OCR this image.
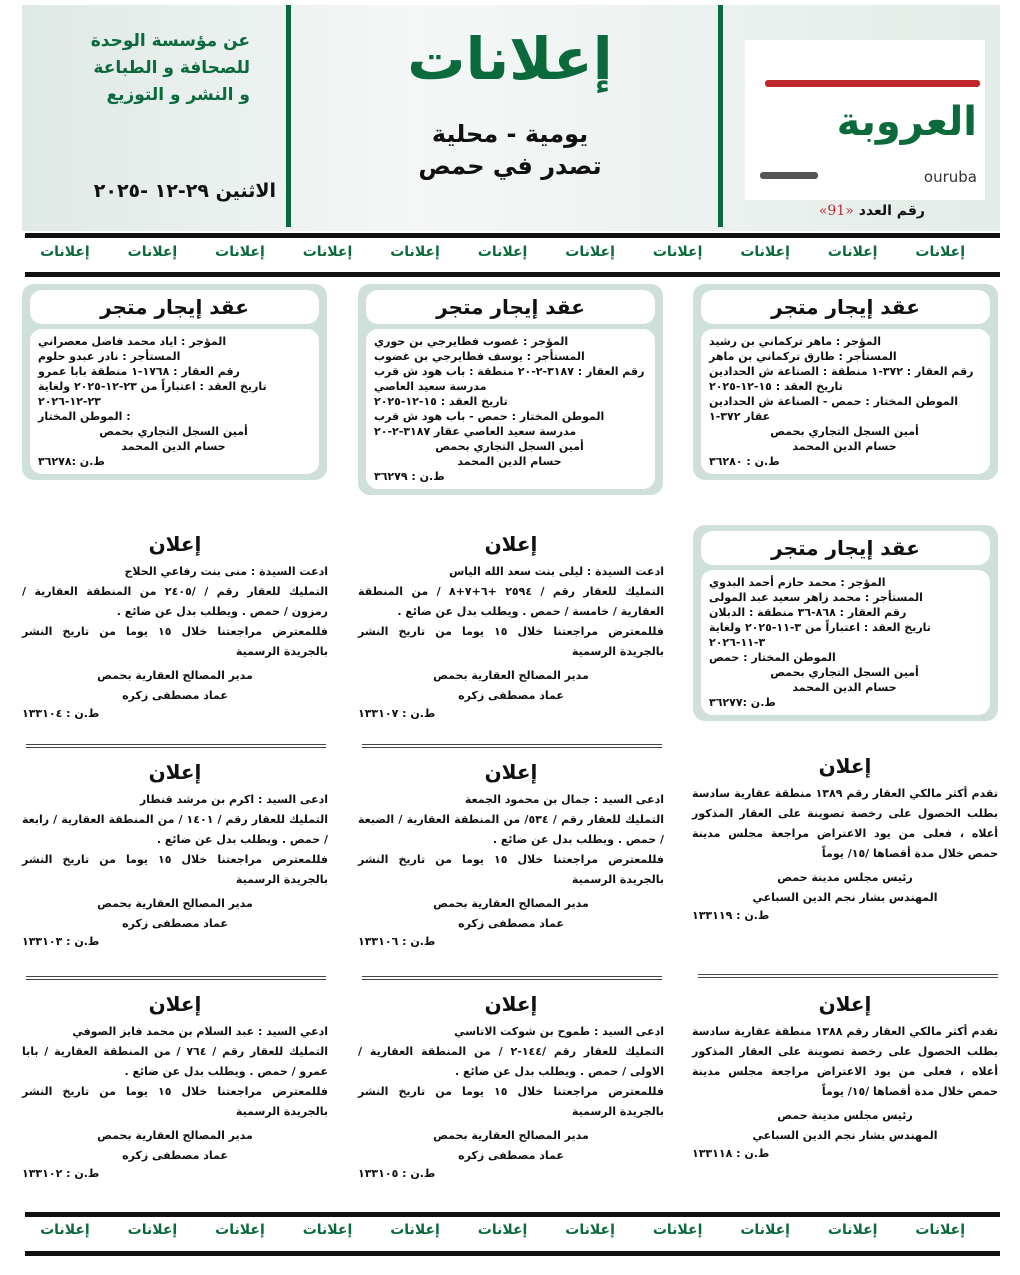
العروبة
ouruba
رقم العدد «91»
إعلانات
يومية - محلية
تصدر في حمص
عن مؤسسة الوحدة
للصحافة و الطباعة
و النشر و التوزيع
الاثنين ٢٩-١٢ -٢٠٢٥
إعلانات
إعلانات
إعلانات
إعلانات
إعلانات
إعلانات
إعلانات
إعلانات
إعلانات
إعلانات
إعلانات
عقد إيجار متجر
المؤجر : ماهر تركماني بن رشيد
المستأجر : طارق تركماني بن ماهر
رقم العقار : ٣٧٢-١ منطقة : الصناعة ش الحدادين
تاريخ العقد : ١٥-١٢-٢٠٢٥
الموطن المختار : حمص - الصناعة ش الحدادين عقار ٣٧٢-١
أمين السجل التجاري بحمص
حسام الدين المحمد
ط.ن : ٣٦٢٨٠
عقد إيجار متجر
المؤجر : غصوب فطايرجي بن حوري
المستأجر : يوسف فطايرجي بن غضوب
رقم العقار : ٣١٨٧-٢-٢٠ منطقة : باب هود ش قرب مدرسة سعيد العاصي
تاريخ العقد : ١٥-١٢-٢٠٢٥
الموطن المختار : حمص - باب هود ش قرب مدرسة سعيد العاصي عقار ٣١٨٧-٢-٢٠
أمين السجل التجاري بحمص
حسام الدين المحمد
ط.ن : ٣٦٢٧٩
عقد إيجار متجر
المؤجر : اياد محمد فاضل معصراني
المستأجر : نادر عبدو حلوم
رقم العقار : ١٧٦٨-١ منطقة بابا عمرو
تاريخ العقد : اعتباراً من ٢٣-١٢-٢٠٢٥ ولغاية ٢٣-١٢-٢٠٢٦
الموطن المختار :
أمين السجل التجاري بحمص
حسام الدين المحمد
ط.ن :٣٦٢٧٨
عقد إيجار متجر
المؤجر : محمد حازم أحمد البدوي
المستأجر : محمد زاهر سعيد عبد المولى
رقم العقار : ٨٦٨-٣٦ منطقة : الدبلان
تاريخ العقد : اعتباراً من ٣-١١-٢٠٢٥ ولغاية ٣-١١-٢٠٢٦
الموطن المختار : حمص
أمين السجل التجاري بحمص
حسام الدين المحمد
ط.ن :٣٦٢٧٧
إعلان
تقدم أكثر مالكي العقار رقم ١٣٨٩ منطقة عقارية سادسة بطلب الحصول على رخصة تصوينة على العقار المذكور أعلاه ، فعلى من يود الاعتراض مراجعة مجلس مدينة حمص خلال مدة أقصاها /١٥/ يوماً
رئيس مجلس مدينة حمص
المهندس بشار نجم الدين السباعي
ط.ن : ١٣٣١١٩
إعلان
تقدم أكثر مالكي العقار رقم ١٣٨٨ منطقة عقارية سادسة بطلب الحصول على رخصة تصوينة على العقار المذكور أعلاه ، فعلى من يود الاعتراض مراجعة مجلس مدينة حمص خلال مدة أقصاها /١٥/ يوماً
رئيس مجلس مدينة حمص
المهندس بشار نجم الدين السباعي
ط.ن : ١٣٣١١٨
إعلان
ادعت السيدة : ليلى بنت سعد الله الياس
التمليك للعقار رقم / ٢٥٩٤ +٦+٧+٨ / من المنطقة العقارية / خامسة / حمص . ويطلب بدل عن ضائع .
فللمعترض مراجعتنا خلال ١٥ يوما من تاريخ النشر بالجريدة الرسمية
مدير المصالح العقارية بحمص
عماد مصطفى زكره
ط.ن : ١٣٣١٠٧
إعلان
ادعى السيد : جمال بن محمود الجمعة
التمليك للعقار رقم / ٥٣٤/ من المنطقة العقارية / الضبعة / حمص . ويطلب بدل عن ضائع .
فللمعترض مراجعتنا خلال ١٥ يوما من تاريخ النشر بالجريدة الرسمية
مدير المصالح العقارية بحمص
عماد مصطفى زكره
ط.ن : ١٣٣١٠٦
إعلان
ادعى السيد : طموح بن شوكت الاتاسي
التمليك للعقار رقم /١٤٤-٢ / من المنطقة العقارية / الاولى / حمص . ويطلب بدل عن ضائع .
فللمعترض مراجعتنا خلال ١٥ يوما من تاريخ النشر بالجريدة الرسمية
مدير المصالح العقارية بحمص
عماد مصطفى زكره
ط.ن : ١٣٣١٠٥
إعلان
ادعت السيدة : منى بنت رفاعي الحلاج
التمليك للعقار رقم / /٢٤٠٥ من المنطقة العقارية / رمزون / حمص . ويطلب بدل عن ضائع .
فللمعترض مراجعتنا خلال ١٥ يوما من تاريخ النشر بالجريدة الرسمية
مدير المصالح العقارية بحمص
عماد مصطفى زكره
ط.ن : ١٣٣١٠٤
إعلان
ادعى السيد : اكرم بن مرشد قنطار
التمليك للعقار رقم / ١٤٠١ / من المنطقة العقارية / رابعة / حمص . ويطلب بدل عن ضائع .
فللمعترض مراجعتنا خلال ١٥ يوما من تاريخ النشر بالجريدة الرسمية
مدير المصالح العقارية بحمص
عماد مصطفى زكره
ط.ن : ١٣٣١٠٣
إعلان
ادعي السيد : عبد السلام بن محمد فايز الصوفي
التمليك للعقار رقم / ٧٦٤ / من المنطقة العقارية / بابا عمرو / حمص . ويطلب بدل عن ضائع .
فللمعترض مراجعتنا خلال ١٥ يوما من تاريخ النشر بالجريدة الرسمية
مدير المصالح العقارية بحمص
عماد مصطفى زكره
ط.ن : ١٣٣١٠٢
إعلانات
إعلانات
إعلانات
إعلانات
إعلانات
إعلانات
إعلانات
إعلانات
إعلانات
إعلانات
إعلانات
